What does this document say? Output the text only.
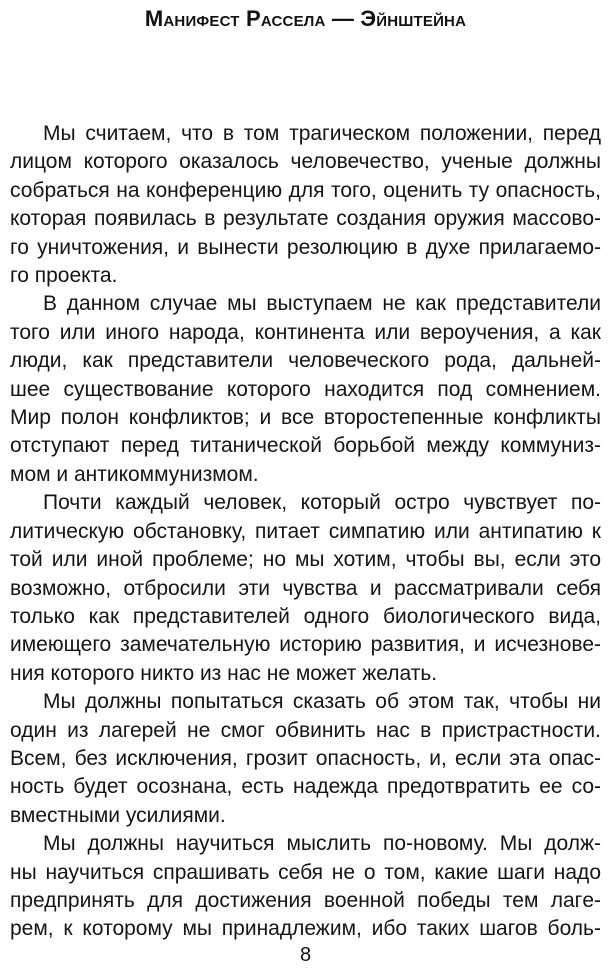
Манифест Рассела — Эйнштейна
Мы считаем, что в том трагическом положении, перед
лицом которого оказалось человечество, ученые должны
собраться на конференцию для того, оценить ту опасность,
которая появилась в результате создания оружия массово-
го уничтожения, и вынести резолюцию в духе прилагаемо-
го проекта.
В данном случае мы выступаем не как представители
того или иного народа, континента или вероучения, а как
люди, как представители человеческого рода, дальней-
шее существование которого находится под сомнением.
Мир полон конфликтов; и все второстепенные конфликты
отступают перед титанической борьбой между коммуниз-
мом и антикоммунизмом.
Почти каждый человек, который остро чувствует по-
литическую обстановку, питает симпатию или антипатию к
той или иной проблеме; но мы хотим, чтобы вы, если это
возможно, отбросили эти чувства и рассматривали себя
только как представителей одного биологического вида,
имеющего замечательную историю развития, и исчезнове-
ния которого никто из нас не может желать.
Мы должны попытаться сказать об этом так, чтобы ни
один из лагерей не смог обвинить нас в пристрастности.
Всем, без исключения, грозит опасность, и, если эта опас-
ность будет осознана, есть надежда предотвратить ее со-
вместными усилиями.
Мы должны научиться мыслить по-новому. Мы долж-
ны научиться спрашивать себя не о том, какие шаги надо
предпринять для достижения военной победы тем лагe-
рем, к которому мы принадлежим, ибо таких шагов боль-
8
